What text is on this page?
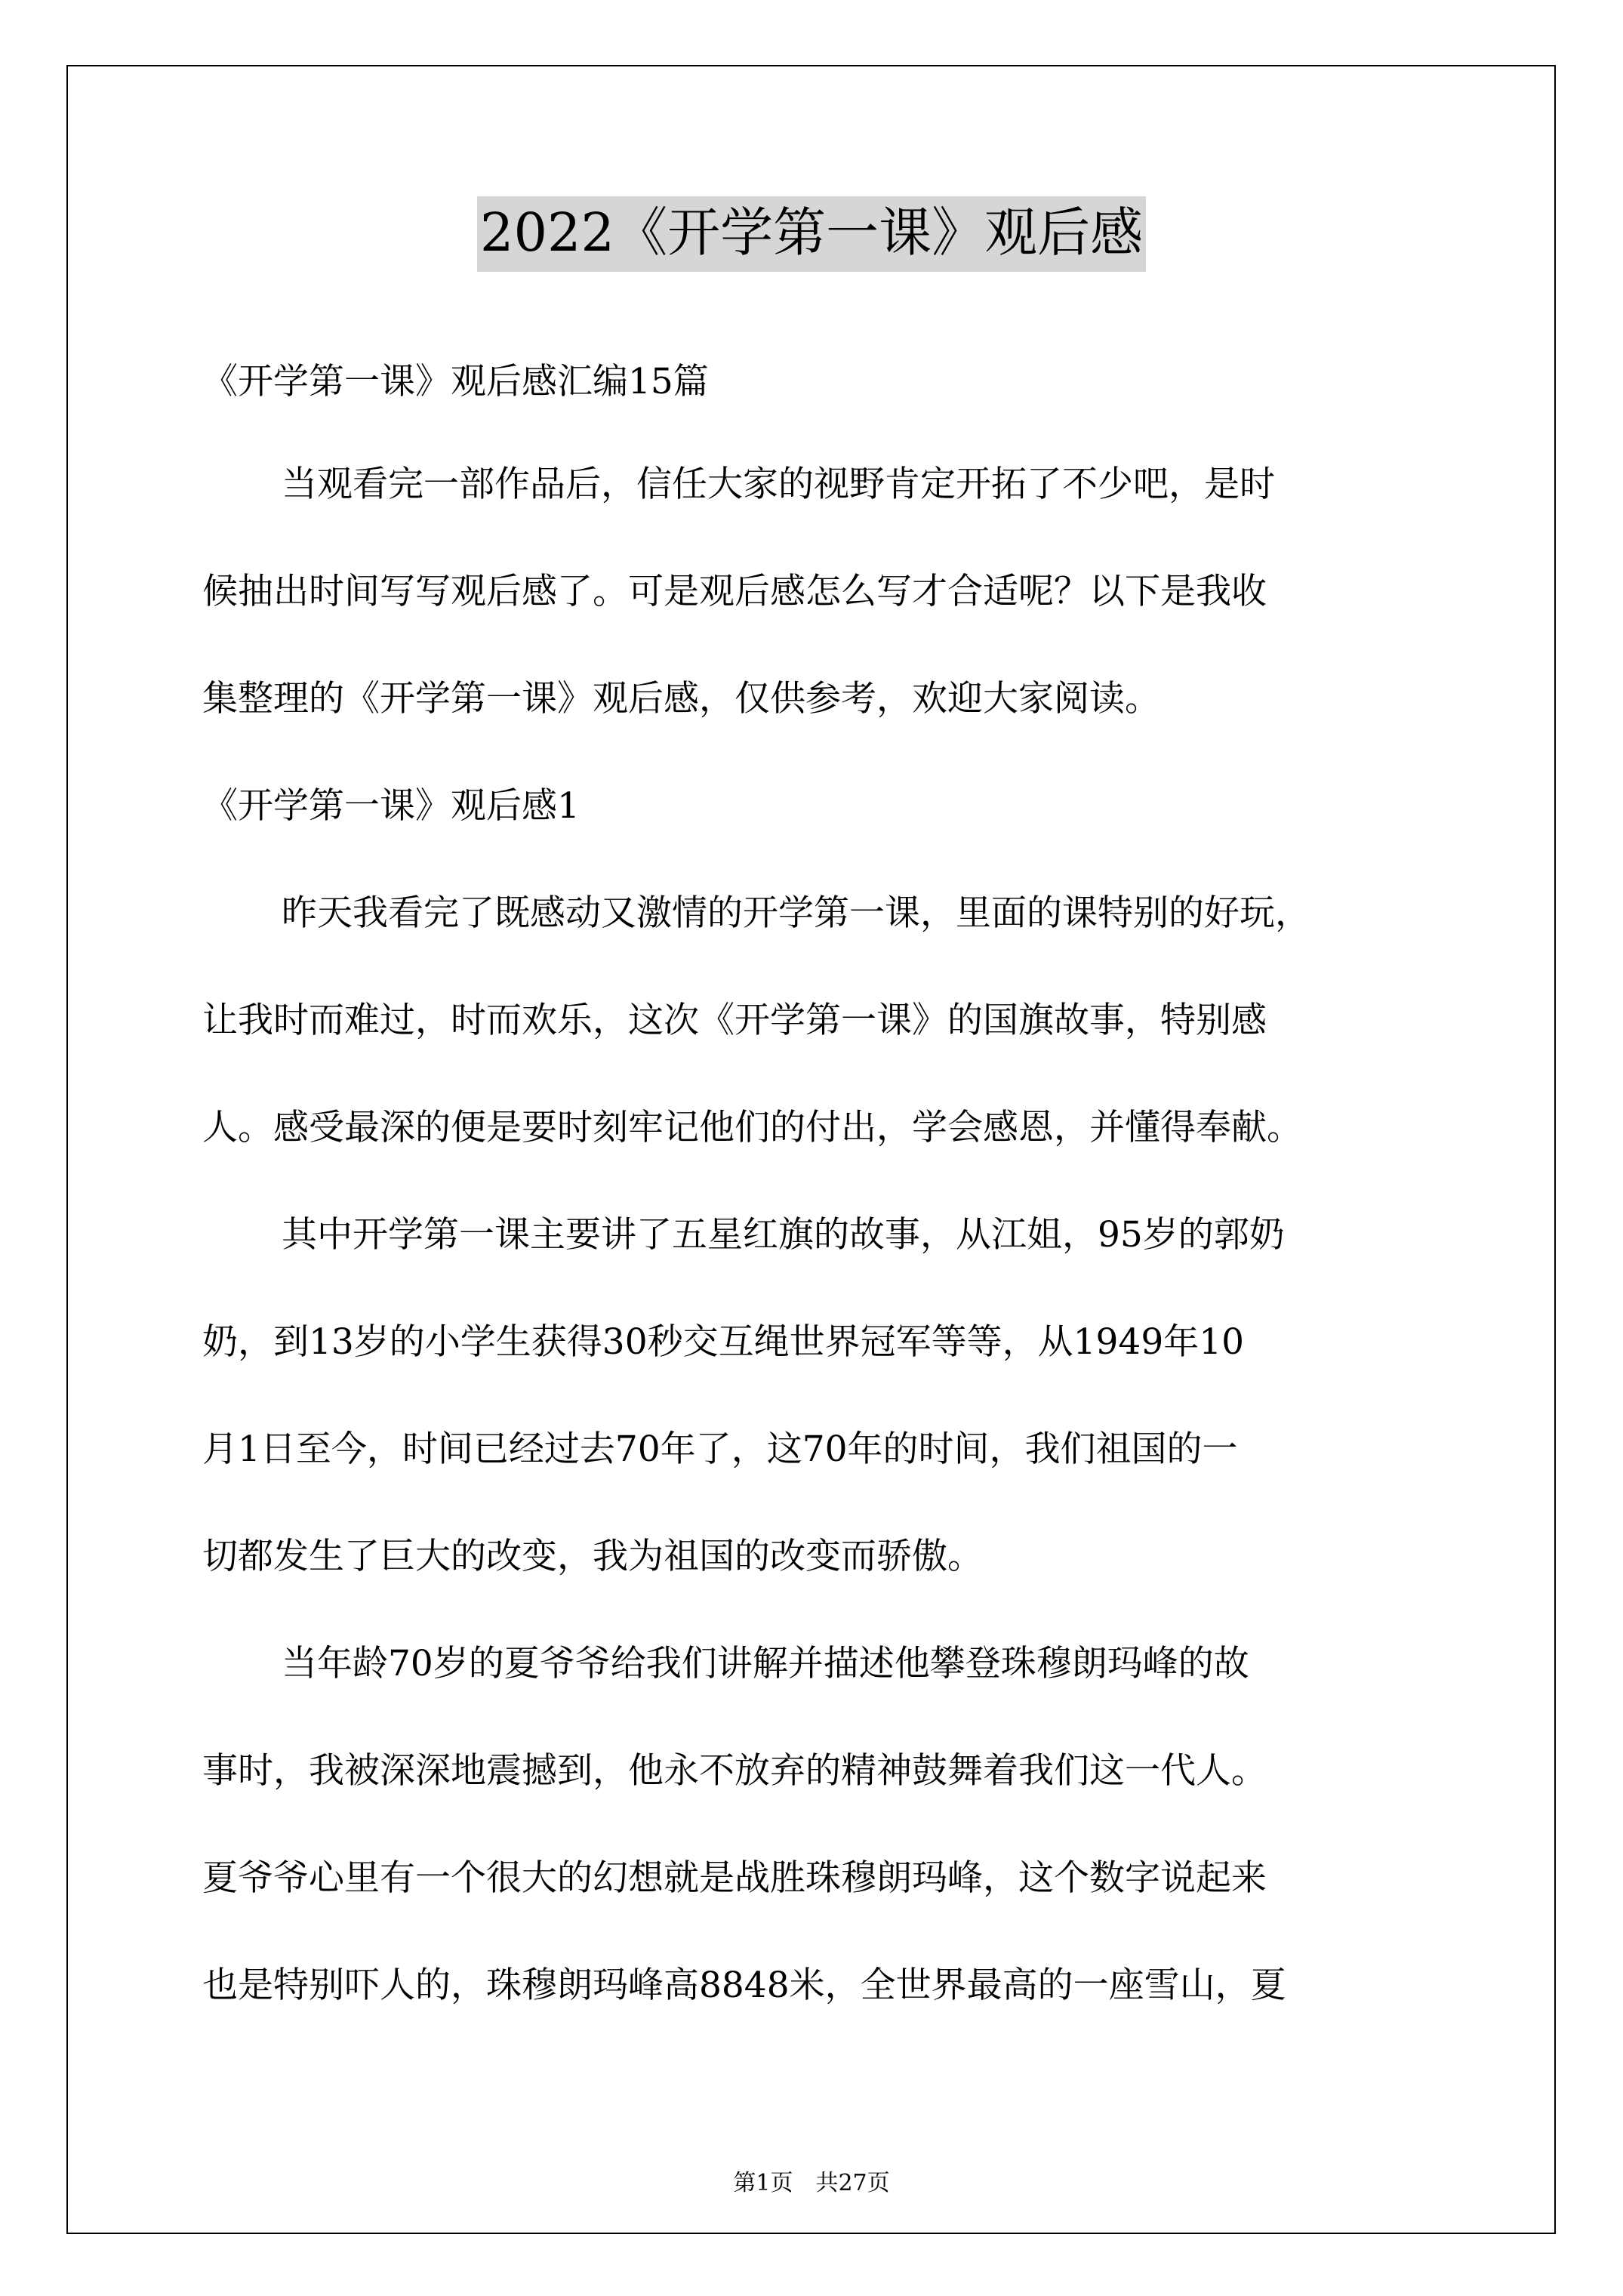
2022《开学第一课》观后感
《开学第一课》观后感汇编15篇
当观看完一部作品后，信任大家的视野肯定开拓了不少吧，是时
候抽出时间写写观后感了。可是观后感怎么写才合适呢？以下是我收
集整理的《开学第一课》观后感，仅供参考，欢迎大家阅读。
《开学第一课》观后感1
昨天我看完了既感动又激情的开学第一课，里面的课特别的好玩，
让我时而难过，时而欢乐，这次《开学第一课》的国旗故事，特别感
人。感受最深的便是要时刻牢记他们的付出，学会感恩，并懂得奉献。
其中开学第一课主要讲了五星红旗的故事，从江姐，95岁的郭奶
奶，到13岁的小学生获得30秒交互绳世界冠军等等，从1949年10
月1日至今，时间已经过去70年了，这70年的时间，我们祖国的一
切都发生了巨大的改变，我为祖国的改变而骄傲。
当年龄70岁的夏爷爷给我们讲解并描述他攀登珠穆朗玛峰的故
事时，我被深深地震撼到，他永不放弃的精神鼓舞着我们这一代人。
夏爷爷心里有一个很大的幻想就是战胜珠穆朗玛峰，这个数字说起来
也是特别吓人的，珠穆朗玛峰高8848米，全世界最高的一座雪山，夏
第1页　共27页
